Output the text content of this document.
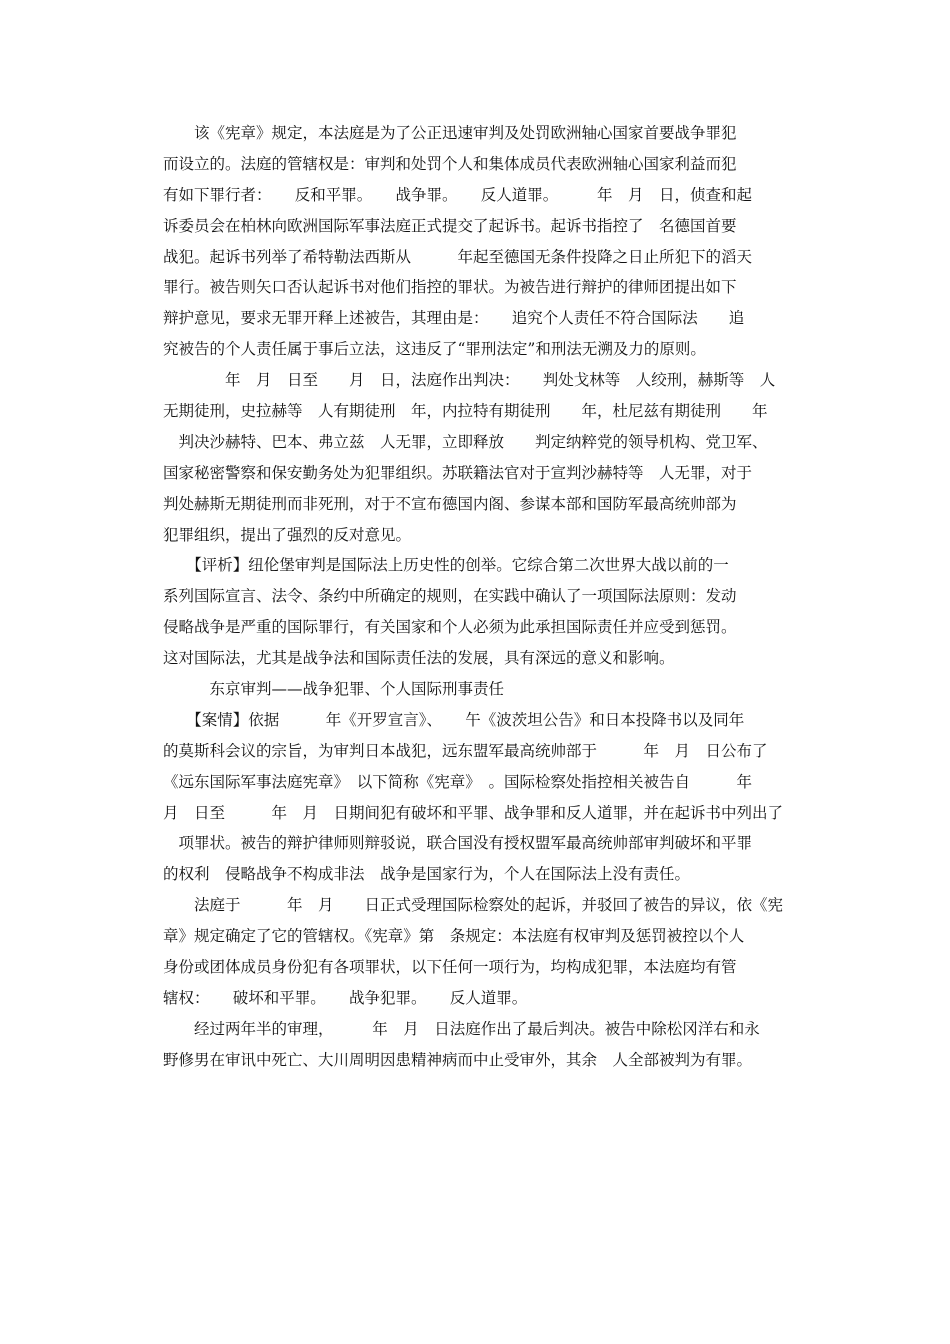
　　该《宪章》规定，本法庭是为了公正迅速审判及处罚欧洲轴心国家首要战争罪犯
而设立的。法庭的管辖权是：审判和处罚个人和集体成员代表欧洲轴心国家利益而犯
有如下罪行者：　　反和平罪。　　战争罪。　　反人道罪。　　　年　月　日，侦查和起
诉委员会在柏林向欧洲国际军事法庭正式提交了起诉书。起诉书指控了　名德国首要
战犯。起诉书列举了希特勒法西斯从　　　年起至德国无条件投降之日止所犯下的滔天
罪行。被告则矢口否认起诉书对他们指控的罪状。为被告进行辩护的律师团提出如下
辩护意见，要求无罪开释上述被告，其理由是：　　追究个人责任不符合国际法　　追
究被告的个人责任属于事后立法，这违反了“罪刑法定”和刑法无溯及力的原则。
　　　　年　月　日至　　月　日，法庭作出判决：　　判处戈林等　人绞刑，赫斯等　人
无期徒刑，史拉赫等　人有期徒刑　年，内拉特有期徒刑　　年，杜尼兹有期徒刑　　年
　判决沙赫特、巴本、弗立兹　人无罪，立即释放　　判定纳粹党的领导机构、党卫军、
国家秘密警察和保安勤务处为犯罪组织。苏联籍法官对于宣判沙赫特等　人无罪，对于
判处赫斯无期徒刑而非死刑，对于不宣布德国内阁、参谋本部和国防军最高统帅部为
犯罪组织，提出了强烈的反对意见。
　　【评析】纽伦堡审判是国际法上历史性的创举。它综合第二次世界大战以前的一
系列国际宣言、法令、条约中所确定的规则，在实践中确认了一项国际法原则：发动
侵略战争是严重的国际罪行，有关国家和个人必须为此承担国际责任并应受到惩罚。
这对国际法，尤其是战争法和国际责任法的发展，具有深远的意义和影响。
　　　东京审判——战争犯罪、个人国际刑事责任
　　【案情】依据　　　年《开罗宣言》、　　午《波茨坦公告》和日本投降书以及同年
的莫斯科会议的宗旨，为审判日本战犯，远东盟军最高统帅部于　　　年　月　日公布了
《远东国际军事法庭宪章》　以下简称《宪章》　。国际检察处指控相关被告自　　　年
月　日至　　　年　月　日期间犯有破坏和平罪、战争罪和反人道罪，并在起诉书中列出了
　项罪状。被告的辩护律师则辩驳说，联合国没有授权盟军最高统帅部审判破坏和平罪
的权利　侵略战争不构成非法　战争是国家行为，个人在国际法上没有责任。
　　法庭于　　　年　月　　日正式受理国际检察处的起诉，并驳回了被告的异议，依《宪
章》规定确定了它的管辖权。《宪章》第　条规定：本法庭有权审判及惩罚被控以个人
身份或团体成员身份犯有各项罪状，以下任何一项行为，均构成犯罪，本法庭均有管
辖权：　　破坏和平罪。　　战争犯罪。　　反人道罪。
　　经过两年半的审理，　　　年　月　日法庭作出了最后判决。被告中除松冈洋右和永
野修男在审讯中死亡、大川周明因患精神病而中止受审外，其余　人全部被判为有罪。
